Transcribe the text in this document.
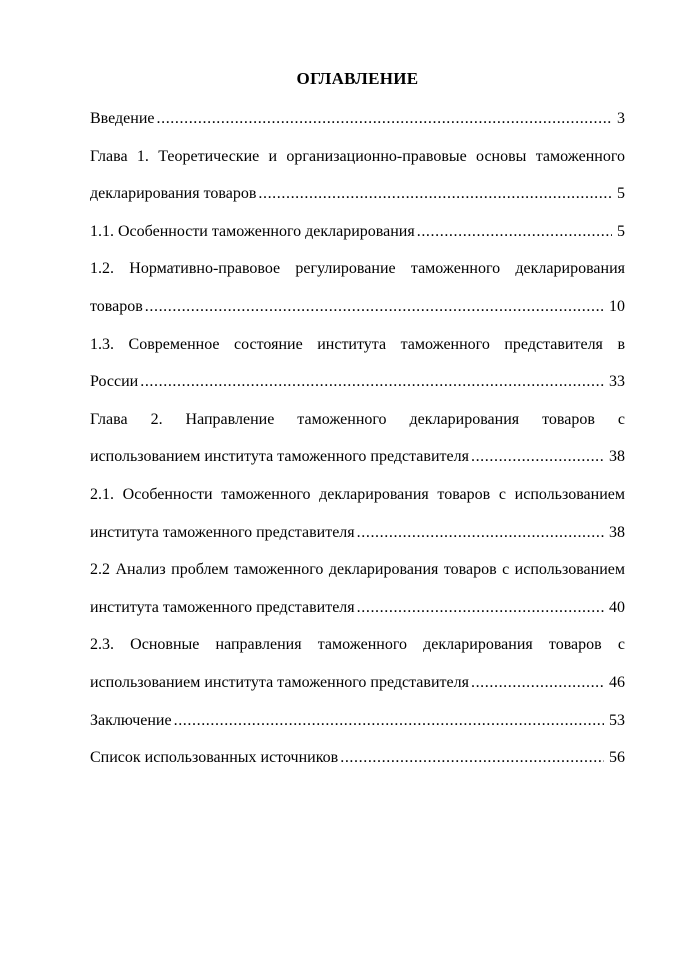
ОГЛАВЛЕНИЕ
Введение .....	3
Глава 1. Теоретические и организационно-правовые основы таможенного
декларирования товаров .....	5
1.1. Особенности таможенного декларирования .....	5
1.2. Нормативно-правовое регулирование таможенного декларирования
товаров .....	10
1.3. Современное состояние института таможенного представителя в
России .....	33
Глава 2. Направление таможенного декларирования товаров с
использованием института таможенного представителя .....	38
2.1. Особенности таможенного декларирования товаров с использованием
института таможенного представителя .....	38
2.2 Анализ проблем таможенного декларирования товаров с использованием
института таможенного представителя .....	40
2.3. Основные направления таможенного декларирования товаров с
использованием института таможенного представителя .....	46
Заключение .....	53
Список использованных источников .....	56
